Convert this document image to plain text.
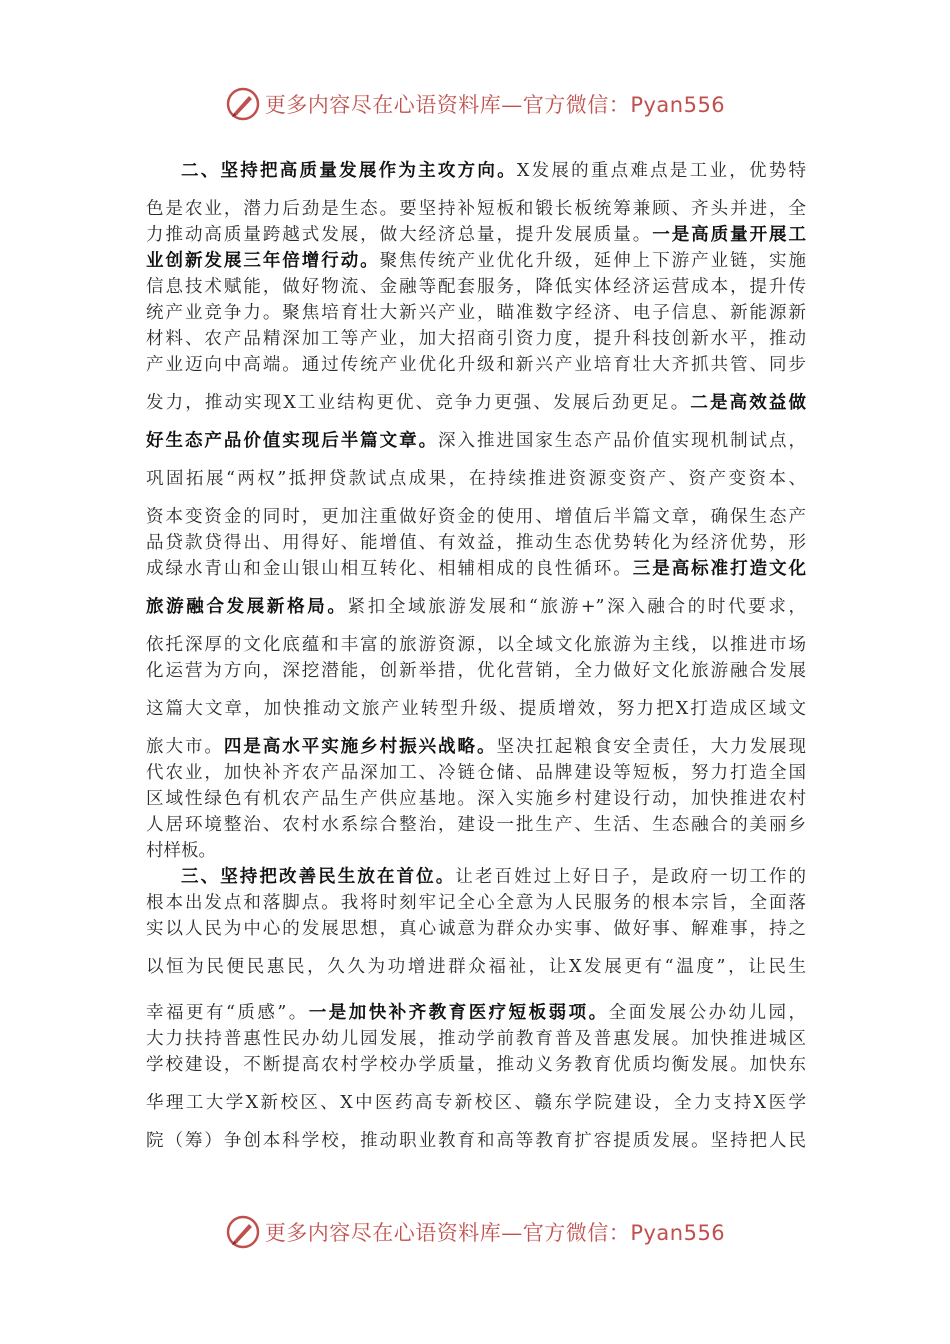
更多内容尽在心语资料库—官方微信：Pyan556
二、坚持把高质量发展作为主攻方向。X发展的重点难点是工业，优势特
色是农业，潜力后劲是生态。要坚持补短板和锻长板统筹兼顾、齐头并进，全
力推动高质量跨越式发展，做大经济总量，提升发展质量。一是高质量开展工
业创新发展三年倍增行动。聚焦传统产业优化升级，延伸上下游产业链，实施
信息技术赋能，做好物流、金融等配套服务，降低实体经济运营成本，提升传
统产业竞争力。聚焦培育壮大新兴产业，瞄准数字经济、电子信息、新能源新
材料、农产品精深加工等产业，加大招商引资力度，提升科技创新水平，推动
产业迈向中高端。通过传统产业优化升级和新兴产业培育壮大齐抓共管、同步
发力，推动实现X工业结构更优、竞争力更强、发展后劲更足。二是高效益做
好生态产品价值实现后半篇文章。深入推进国家生态产品价值实现机制试点，
巩固拓展“两权”抵押贷款试点成果，在持续推进资源变资产、资产变资本、
资本变资金的同时，更加注重做好资金的使用、增值后半篇文章，确保生态产
品贷款贷得出、用得好、能增值、有效益，推动生态优势转化为经济优势，形
成绿水青山和金山银山相互转化、相辅相成的良性循环。三是高标准打造文化
旅游融合发展新格局。紧扣全域旅游发展和“旅游+”深入融合的时代要求，
依托深厚的文化底蕴和丰富的旅游资源，以全域文化旅游为主线，以推进市场
化运营为方向，深挖潜能，创新举措，优化营销，全力做好文化旅游融合发展
这篇大文章，加快推动文旅产业转型升级、提质增效，努力把X打造成区域文
旅大市。四是高水平实施乡村振兴战略。坚决扛起粮食安全责任，大力发展现
代农业，加快补齐农产品深加工、冷链仓储、品牌建设等短板，努力打造全国
区域性绿色有机农产品生产供应基地。深入实施乡村建设行动，加快推进农村
人居环境整治、农村水系综合整治，建设一批生产、生活、生态融合的美丽乡
村样板。
三、坚持把改善民生放在首位。让老百姓过上好日子，是政府一切工作的
根本出发点和落脚点。我将时刻牢记全心全意为人民服务的根本宗旨，全面落
实以人民为中心的发展思想，真心诚意为群众办实事、做好事、解难事，持之
以恒为民便民惠民，久久为功增进群众福祉，让X发展更有“温度”，让民生
幸福更有“质感”。一是加快补齐教育医疗短板弱项。全面发展公办幼儿园，
大力扶持普惠性民办幼儿园发展，推动学前教育普及普惠发展。加快推进城区
学校建设，不断提高农村学校办学质量，推动义务教育优质均衡发展。加快东
华理工大学X新校区、X中医药高专新校区、赣东学院建设，全力支持X医学
院（筹）争创本科学校，推动职业教育和高等教育扩容提质发展。坚持把人民
更多内容尽在心语资料库—官方微信：Pyan556
